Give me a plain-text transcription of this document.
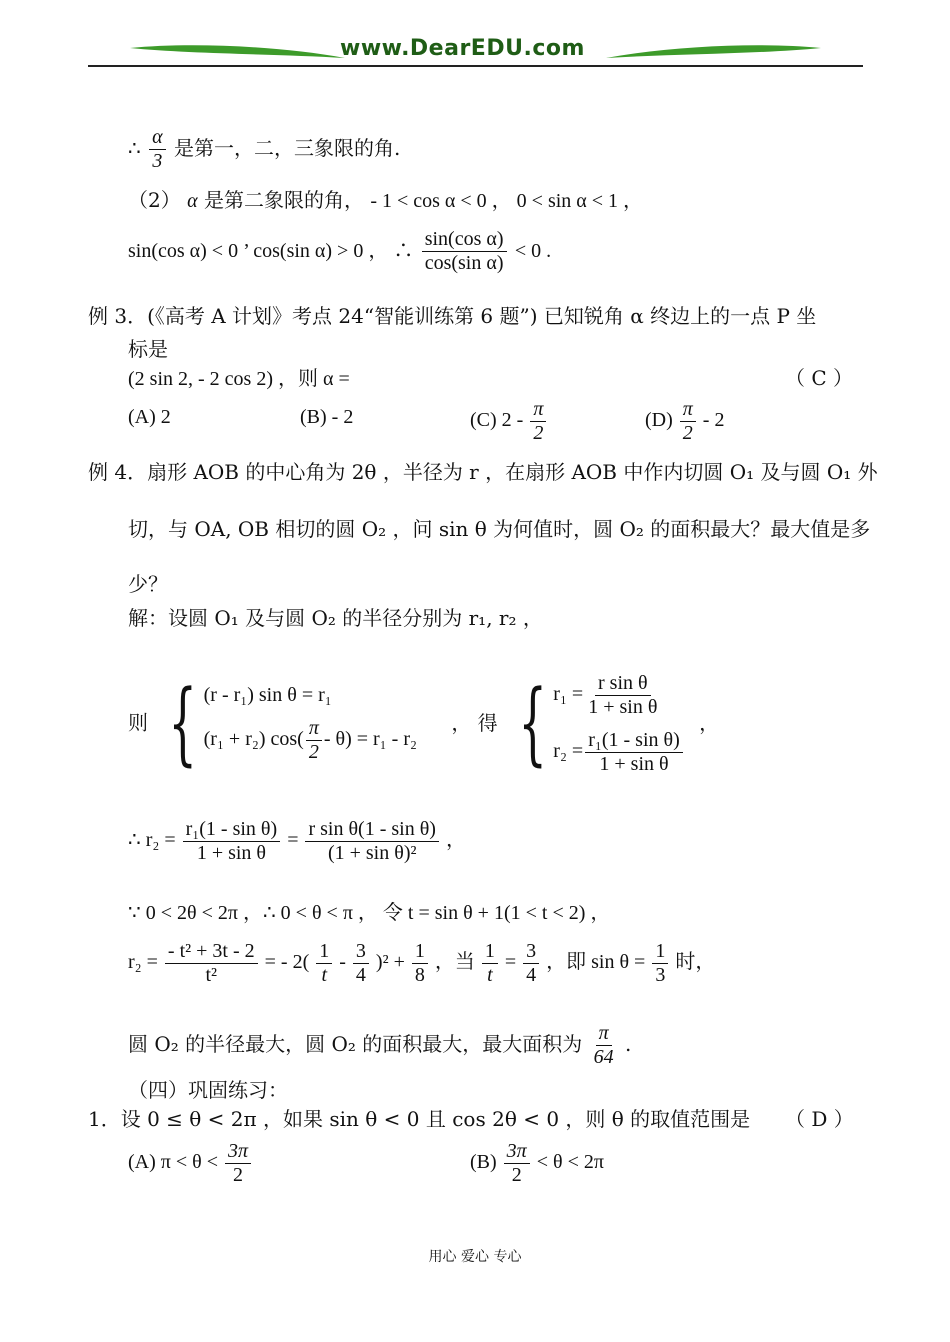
www.DearEDU.com
∴ $\frac{\alpha}{3}$ 是第一，二，三象限的角.
（2） α 是第二象限的角， - 1 < cos α < 0 ， 0 < sin α < 1 ，
sin(cos α) < 0 ’ cos(sin α) > 0 ， ∴ $\frac{\text{sin(cos α)}}{\text{cos(sin α)}} < 0$ .
例 3．(《高考 A 计划》考点 24“智能训练第 6 题”) 已知锐角 α 终边上的一点 P 坐
标是
(2 sin 2, - 2 cos 2) ，则 α =	（ C ）
(A) 2	(B) - 2	(C) $2 - \frac{\pi}{2}$	$(D) \frac{\pi}{2} - 2$
例 4．扇形 AOB 的中心角为 2θ ，半径为 r ，在扇形 AOB 中作内切圆 O₁ 及与圆 O₁ 外
切，与 OA, OB 相切的圆 O₂ ，问 sin θ 为何值时，圆 O₂ 的面积最大？最大值是多
少？
解：设圆 O₁ 及与圆 O₂ 的半径分别为 r₁, r₂ ，
则 { (r - r₁) sin θ = r₁
(r₁ + r₂) $\cos( \frac{\pi}{2} - \theta) = r_1 - r_2$
， 得 { $r_1 = \frac{\text{r sin θ}}{\text{1 + sin θ}}$
$r_2 = \frac{\text{r₁(1 - sin θ)}}{\text{1 + sin θ}}$
，
∴ $r_2 = \frac{\text{r₁(1 - sin θ)}}{\text{1 + sin θ}} = \frac{\text{r sin θ(1 - sin θ)}}{\text{(1 + sin θ)²}}$ ，
∵ 0 < 2θ < 2π ，∴ 0 < θ < π ， 令 t = sin θ + 1(1 < t < 2) ，
$r_2 = \frac{\text{- t² + 3t - 2}}{\text{t²}}$ = - $2( \frac{1}{t} - \frac{3}{4} )^2 + \frac{1}{8}$ ，当 $\frac{1}{t} = \frac{3}{4}$ ，即 $\sin \theta = \frac{1}{3}$ 时，
圆 O₂ 的半径最大，圆 O₂ 的面积最大，最大面积为 $\frac{\pi}{64}$ .
（四）巩固练习：
1．设 0 ≤ θ < 2π ，如果 sin θ < 0 且 cos 2θ < 0 ，则 θ 的取值范围是 （ D ）
(A) $\pi < \theta < \frac{3\pi}{2}$	$(B) \frac{3\pi}{2} < \theta < 2\pi$
用心 爱心 专心
